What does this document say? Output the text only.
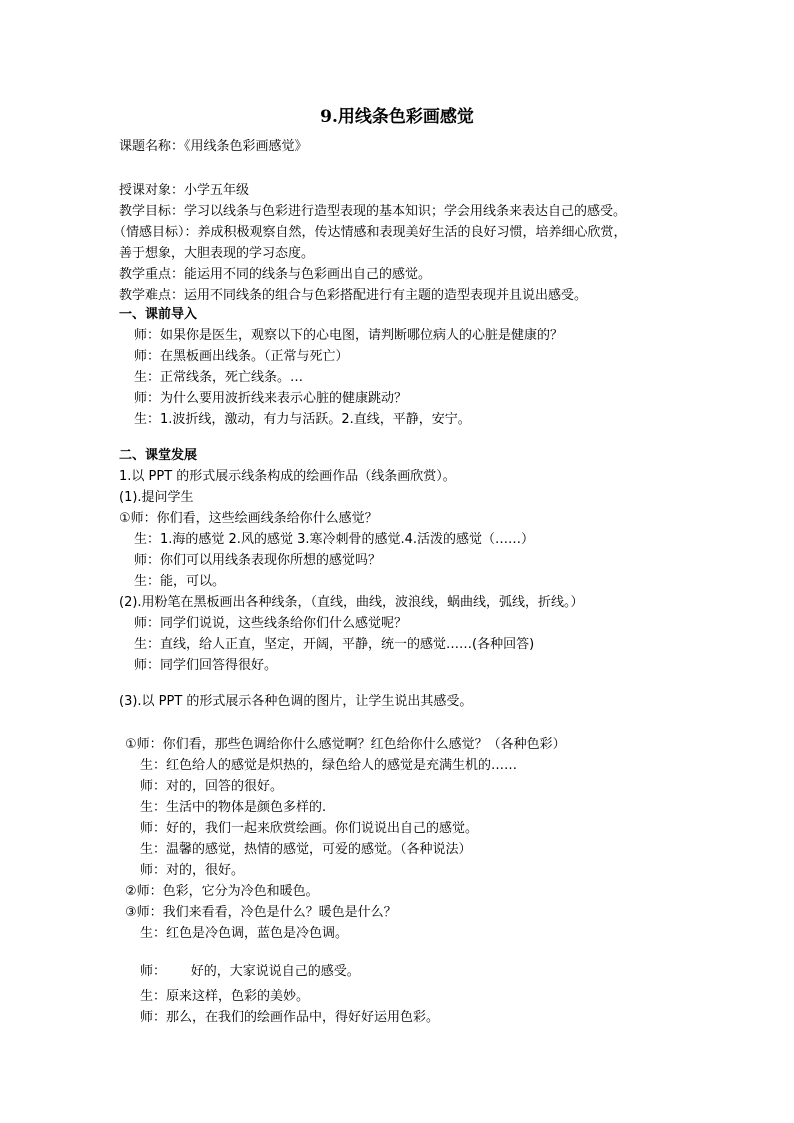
9.用线条色彩画感觉
课题名称：《用线条色彩画感觉》
授课对象：小学五年级
教学目标：学习以线条与色彩进行造型表现的基本知识；学会用线条来表达自己的感受。
（情感目标）：养成积极观察自然，传达情感和表现美好生活的良好习惯，培养细心欣赏，
善于想象，大胆表现的学习态度。
教学重点：能运用不同的线条与色彩画出自己的感觉。
教学难点：运用不同线条的组合与色彩搭配进行有主题的造型表现并且说出感受。
一、课前导入
师：如果你是医生，观察以下的心电图，请判断哪位病人的心脏是健康的？
师：在黑板画出线条。（正常与死亡）
生：正常线条，死亡线条。…
师：为什么要用波折线来表示心脏的健康跳动？
生：1.波折线，激动，有力与活跃。2.直线，平静，安宁。
二、课堂发展
1.以 PPT 的形式展示线条构成的绘画作品（线条画欣赏）。
(1).提问学生
①师：你们看，这些绘画线条给你什么感觉？
生：1.海的感觉 2.风的感觉 3.寒冷刺骨的感觉.4.活泼的感觉（……）
师：你们可以用线条表现你所想的感觉吗？
生：能，可以。
(2).用粉笔在黑板画出各种线条，（直线，曲线，波浪线，蜗曲线，弧线，折线。）
师：同学们说说，这些线条给你们什么感觉呢？
生：直线，给人正直，坚定，开阔，平静，统一的感觉……(各种回答)
师：同学们回答得很好。
(3).以 PPT 的形式展示各种色调的图片，让学生说出其感受。
①师：你们看，那些色调给你什么感觉啊？红色给你什么感觉？（各种色彩）
生：红色给人的感觉是炽热的，绿色给人的感觉是充满生机的……
师：对的，回答的很好。
生：生活中的物体是颜色多样的.
师：好的，我们一起来欣赏绘画。你们说说出自己的感觉。
生：温馨的感觉，热情的感觉，可爱的感觉。（各种说法）
师：对的，很好。
②师：色彩，它分为冷色和暖色。
③师：我们来看看，冷色是什么？暖色是什么？
生：红色是冷色调，蓝色是冷色调。
师：      好的，大家说说自己的感受。
生：原来这样，色彩的美妙。
师：那么，在我们的绘画作品中，得好好运用色彩。
